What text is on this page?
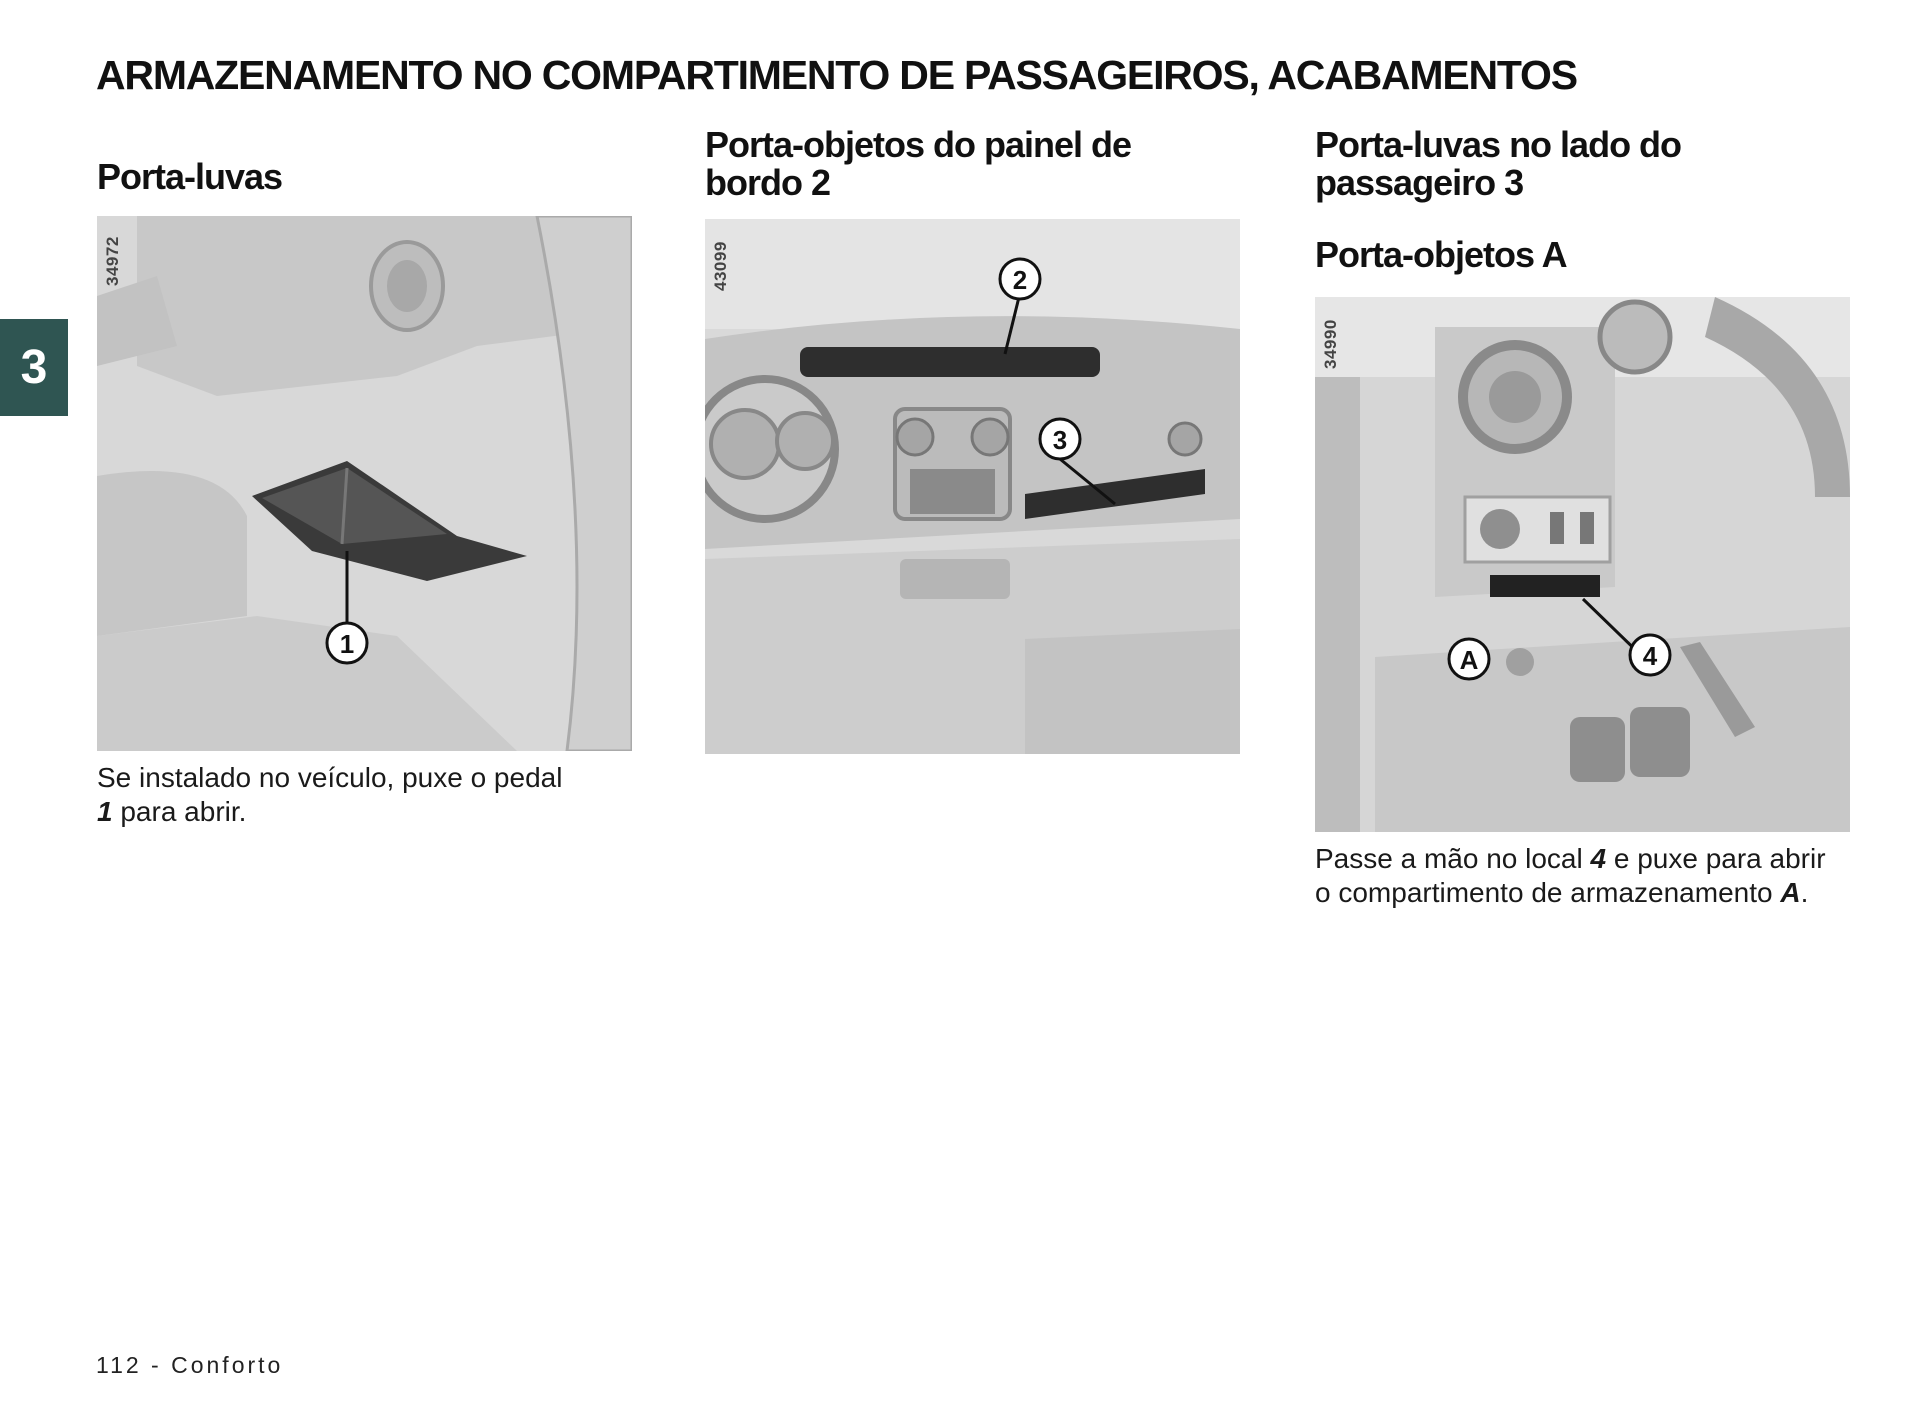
ARMAZENAMENTO NO COMPARTIMENTO DE PASSAGEIROS, ACABAMENTOS
3
Porta-luvas
1
34972

Se instalado no veículo, puxe o pedal
1 para abrir.

Porta-objetos do painel de
bordo 2
2
3
43099
Porta-luvas no lado do
passageiro 3
Porta-objetos A
A	4
34990

Passe a mão no local 4 e puxe para abrir o compartimento de armazenamento A.

112 - Conforto
